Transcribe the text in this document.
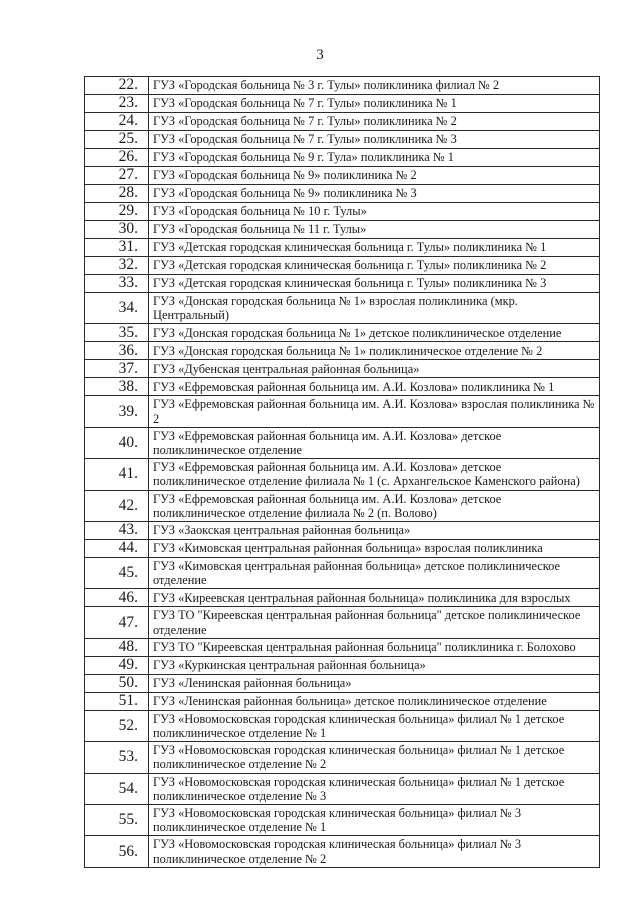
3
22.	ГУЗ «Городская больница № 3 г. Тулы» поликлиника филиал № 2
23.	ГУЗ «Городская больница № 7 г. Тулы» поликлиника № 1
24.	ГУЗ «Городская больница № 7 г. Тулы» поликлиника № 2
25.	ГУЗ «Городская больница № 7 г. Тулы» поликлиника № 3
26.	ГУЗ «Городская больница № 9 г. Тула» поликлиника № 1
27.	ГУЗ «Городская больница № 9» поликлиника № 2
28.	ГУЗ «Городская больница № 9» поликлиника № 3
29.	ГУЗ «Городская больница № 10 г. Тулы»
30.	ГУЗ «Городская больница № 11 г. Тулы»
31.	ГУЗ «Детская городская клиническая больница г. Тулы» поликлиника № 1
32.	ГУЗ «Детская городская клиническая больница г. Тулы» поликлиника № 2
33.	ГУЗ «Детская городская клиническая больница г. Тулы» поликлиника № 3
34.	ГУЗ «Донская городская больница № 1» взрослая поликлиника (мкр. Центральный)
35.	ГУЗ «Донская городская больница № 1» детское поликлиническое отделение
36.	ГУЗ «Донская городская больница № 1» поликлиническое отделение № 2
37.	ГУЗ «Дубенская центральная районная больница»
38.	ГУЗ «Ефремовская районная больница им. А.И. Козлова» поликлиника № 1
39.	ГУЗ «Ефремовская районная больница им. А.И. Козлова» взрослая поликлиника № 2
40.	ГУЗ «Ефремовская районная больница им. А.И. Козлова» детское поликлиническое отделение
41.	ГУЗ «Ефремовская районная больница им. А.И. Козлова» детское поликлиническое отделение филиала № 1 (с. Архангельское Каменского района)
42.	ГУЗ «Ефремовская районная больница им. А.И. Козлова» детское поликлиническое отделение филиала № 2 (п. Волово)
43.	ГУЗ «Заокская центральная районная больница»
44.	ГУЗ «Кимовская центральная районная больница» взрослая поликлиника
45.	ГУЗ «Кимовская центральная районная больница» детское поликлиническое отделение
46.	ГУЗ «Киреевская центральная районная больница» поликлиника для взрослых
47.	ГУЗ ТО "Киреевская центральная районная больница" детское поликлиническое отделение
48.	ГУЗ ТО "Киреевская центральная районная больница" поликлиника г. Болохово
49.	ГУЗ «Куркинская центральная районная больница»
50.	ГУЗ «Ленинская районная больница»
51.	ГУЗ «Ленинская районная больница» детское поликлиническое отделение
52.	ГУЗ «Новомосковская городская клиническая больница» филиал № 1 детское поликлиническое отделение № 1
53.	ГУЗ «Новомосковская городская клиническая больница» филиал № 1 детское поликлиническое отделение № 2
54.	ГУЗ «Новомосковская городская клиническая больница» филиал № 1 детское поликлиническое отделение № 3
55.	ГУЗ «Новомосковская городская клиническая больница» филиал № 3 поликлиническое отделение № 1
56.	ГУЗ «Новомосковская городская клиническая больница» филиал № 3 поликлиническое отделение № 2
